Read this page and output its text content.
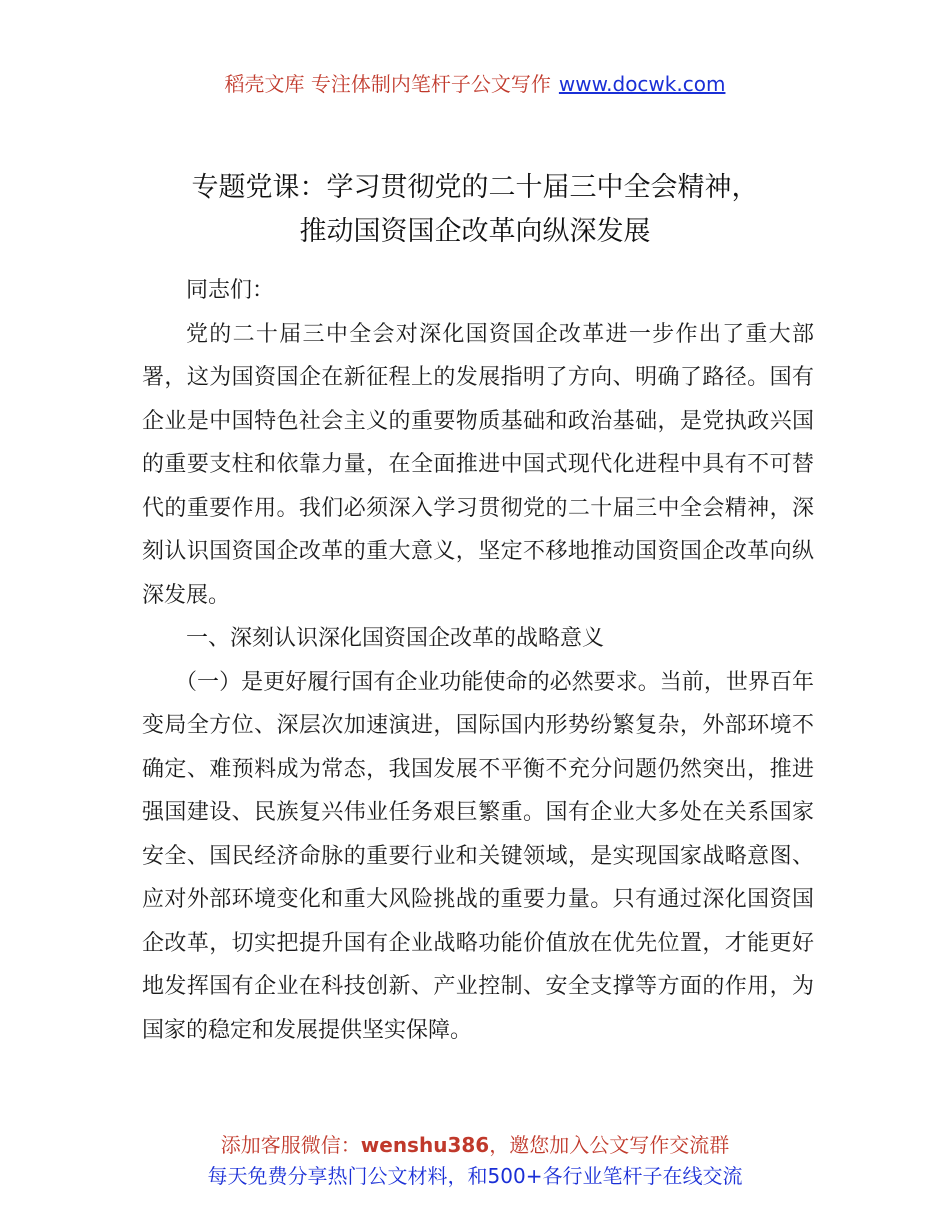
稻壳文库 专注体制内笔杆子公文写作 www.docwk.com
专题党课：学习贯彻党的二十届三中全会精神，
推动国资国企改革向纵深发展

同志们：

党的二十届三中全会对深化国资国企改革进一步作出了重大部署，这为国资国企在新征程上的发展指明了方向、明确了路径。国有企业是中国特色社会主义的重要物质基础和政治基础，是党执政兴国的重要支柱和依靠力量，在全面推进中国式现代化进程中具有不可替代的重要作用。我们必须深入学习贯彻党的二十届三中全会精神，深刻认识国资国企改革的重大意义，坚定不移地推动国资国企改革向纵深发展。

一、深刻认识深化国资国企改革的战略意义

（一）是更好履行国有企业功能使命的必然要求。当前，世界百年变局全方位、深层次加速演进，国际国内形势纷繁复杂，外部环境不确定、难预料成为常态，我国发展不平衡不充分问题仍然突出，推进强国建设、民族复兴伟业任务艰巨繁重。国有企业大多处在关系国家安全、国民经济命脉的重要行业和关键领域，是实现国家战略意图、应对外部环境变化和重大风险挑战的重要力量。只有通过深化国资国企改革，切实把提升国有企业战略功能价值放在优先位置，才能更好地发挥国有企业在科技创新、产业控制、安全支撑等方面的作用，为国家的稳定和发展提供坚实保障。

添加客服微信：wenshu386，邀您加入公文写作交流群
每天免费分享热门公文材料，和500+各行业笔杆子在线交流
